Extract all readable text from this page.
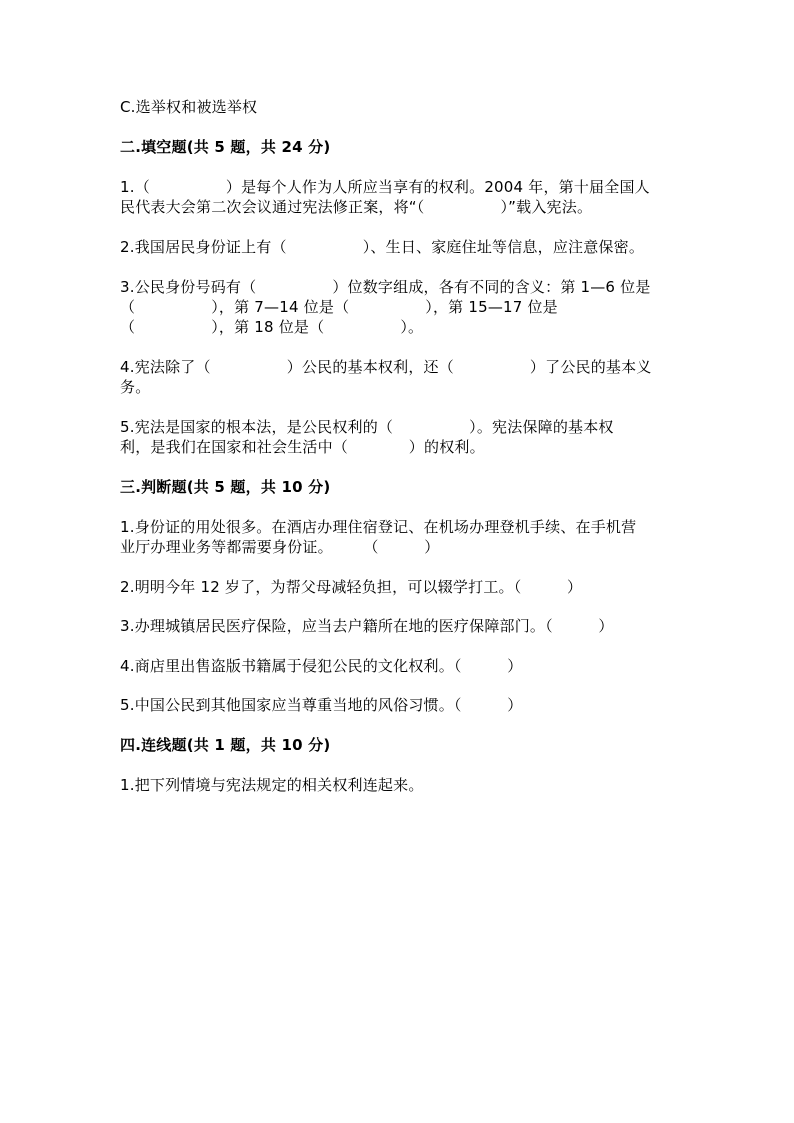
C.选举权和被选举权
二.填空题(共 5 题，共 24 分)
1.（　　　　　）是每个人作为人所应当享有的权利。2004 年，第十届全国人
民代表大会第二次会议通过宪法修正案，将“（　　　　　）”载入宪法。
2.我国居民身份证上有（　　　　　）、生日、家庭住址等信息，应注意保密。
3.公民身份号码有（　　　　　）位数字组成，各有不同的含义：第 1—6 位是
（　　　　　），第 7—14 位是（　　　　　），第 15—17 位是
（　　　　　），第 18 位是（　　　　　）。
4.宪法除了（　　　　　）公民的基本权利，还（　　　　　）了公民的基本义
务。
5.宪法是国家的根本法，是公民权利的（　　　　　）。宪法保障的基本权
利，是我们在国家和社会生活中（　　　　）的权利。
三.判断题(共 5 题，共 10 分)
1.身份证的用处很多。在酒店办理住宿登记、在机场办理登机手续、在手机营
业厅办理业务等都需要身份证。　　　（　　　）
2.明明今年 12 岁了，为帮父母减轻负担，可以辍学打工。（　　　）
3.办理城镇居民医疗保险，应当去户籍所在地的医疗保障部门。（　　　）
4.商店里出售盗版书籍属于侵犯公民的文化权利。（　　　）
5.中国公民到其他国家应当尊重当地的风俗习惯。（　　　）
四.连线题(共 1 题，共 10 分)
1.把下列情境与宪法规定的相关权利连起来。
